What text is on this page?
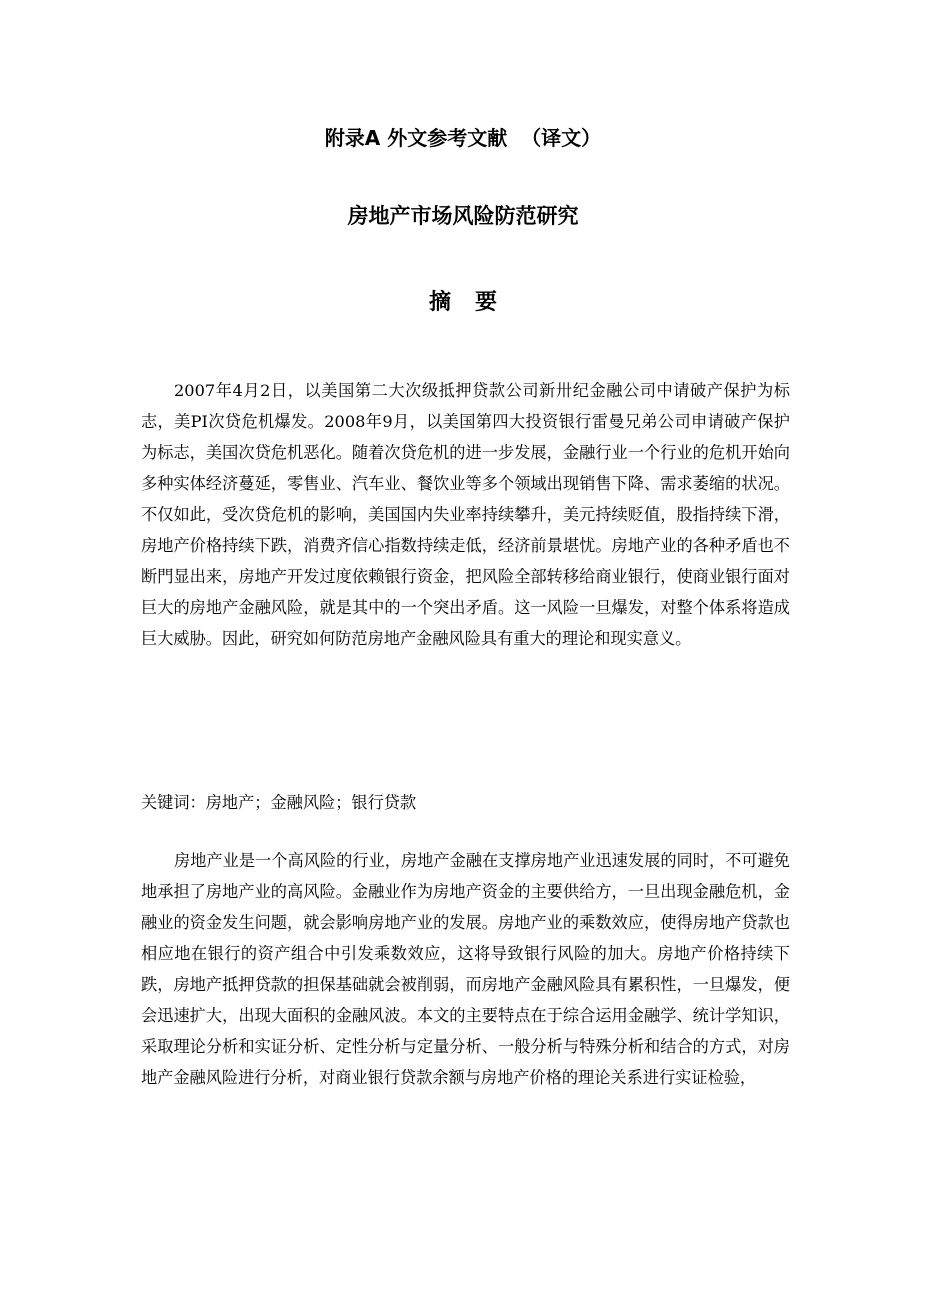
附录A 外文参考文献  （译文）
房地产市场风险防范研究
摘要

2007年4月2日，以美国第二大次级抵押贷款公司新卅纪金融公司中请破产保护为标志，美PI次贷危机爆发。2008年9月，以美国第四大投资银行雷曼兄弟公司申请破产保护为标志，美国次贷危机恶化。随着次贷危机的进一步发展，金融行业一个行业的危机开始向多种实体经济蔓延，零售业、汽车业、餐饮业等多个领域出现销售下降、需求萎缩的状况。不仅如此，受次贷危机的影响，美国国内失业率持续攀升，美元持续贬值，股指持续下滑，房地产价格持续下跌，消费齐信心指数持续走低，经济前景堪忧。房地产业的各种矛盾也不断門显出来，房地产开发过度依赖银行资金，把风险全部转移给商业银行，使商业银行面对巨大的房地产金融风险，就是其中的一个突出矛盾。这一风险一旦爆发，对整个体系将造成巨大威胁。因此，研究如何防范房地产金融风险具有重大的理论和现实意义。

关键词：房地产；金融风险；银行贷款

房地产业是一个高风险的行业，房地产金融在支撑房地产业迅速发展的同时，不可避免地承担了房地产业的高风险。金融业作为房地产资金的主要供给方，一旦出现金融危机，金融业的资金发生问题，就会影响房地产业的发展。房地产业的乘数效应，使得房地产贷款也相应地在银行的资产组合中引发乘数效应，这将导致银行风险的加大。房地产价格持续下跌，房地产抵押贷款的担保基础就会被削弱，而房地产金融风险具有累积性，一旦爆发，便会迅速扩大，出现大面积的金融风波。本文的主要特点在于综合运用金融学、统计学知识，采取理论分析和实证分析、定性分析与定量分析、一般分析与特殊分析和结合的方式，对房地产金融风险进行分析，对商业银行贷款余额与房地产价格的理论关系进行实证检验，
